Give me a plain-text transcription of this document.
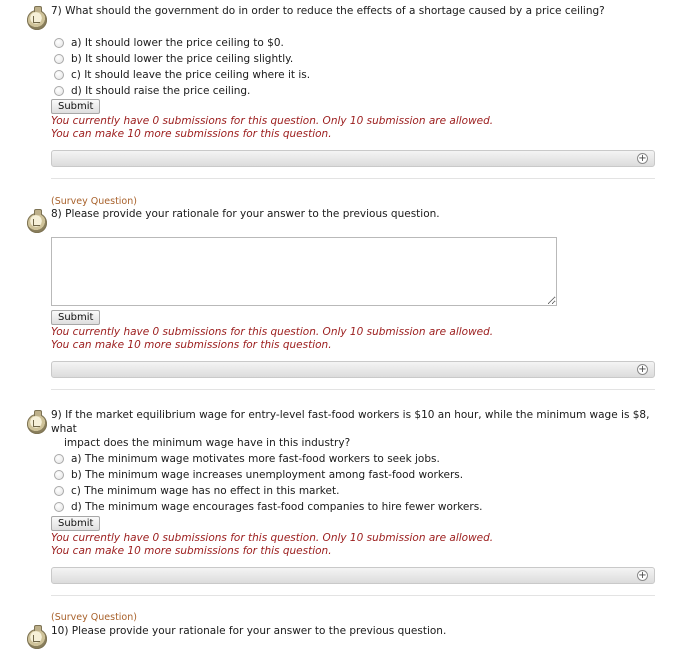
7) What should the government do in order to reduce the effects of a shortage caused by a price ceiling?
a) It should lower the price ceiling to $0.
b) It should lower the price ceiling slightly.
c) It should leave the price ceiling where it is.
d) It should raise the price ceiling.
Submit
You currently have 0 submissions for this question. Only 10 submission are allowed.
You can make 10 more submissions for this question.
+
(Survey Question)
8) Please provide your rationale for your answer to the previous question.
Submit
You currently have 0 submissions for this question. Only 10 submission are allowed.
You can make 10 more submissions for this question.
+
9) If the market equilibrium wage for entry-level fast-food workers is $10 an hour, while the minimum wage is $8, what
impact does the minimum wage have in this industry?
a) The minimum wage motivates more fast-food workers to seek jobs.
b) The minimum wage increases unemployment among fast-food workers.
c) The minimum wage has no effect in this market.
d) The minimum wage encourages fast-food companies to hire fewer workers.
Submit
You currently have 0 submissions for this question. Only 10 submission are allowed.
You can make 10 more submissions for this question.
+
(Survey Question)
10) Please provide your rationale for your answer to the previous question.
